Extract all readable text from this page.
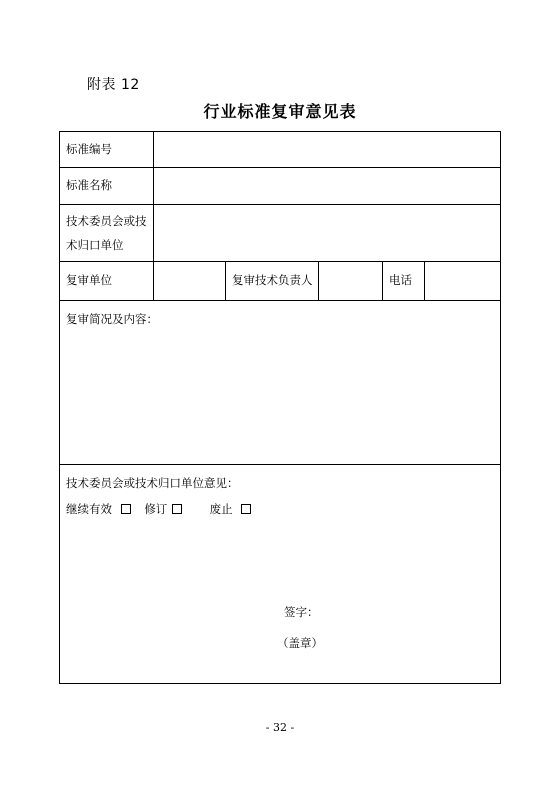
附表 12
行业标准复审意见表
标准编号					
标准名称					

技术委员会或技
术归口单位					

复审单位		复审技术负责人		电话	

复审简况及内容：					

技术委员会或技术归口单位意见：
继续有效 修订 废止
签字：
（盖章）					
- 32 -
